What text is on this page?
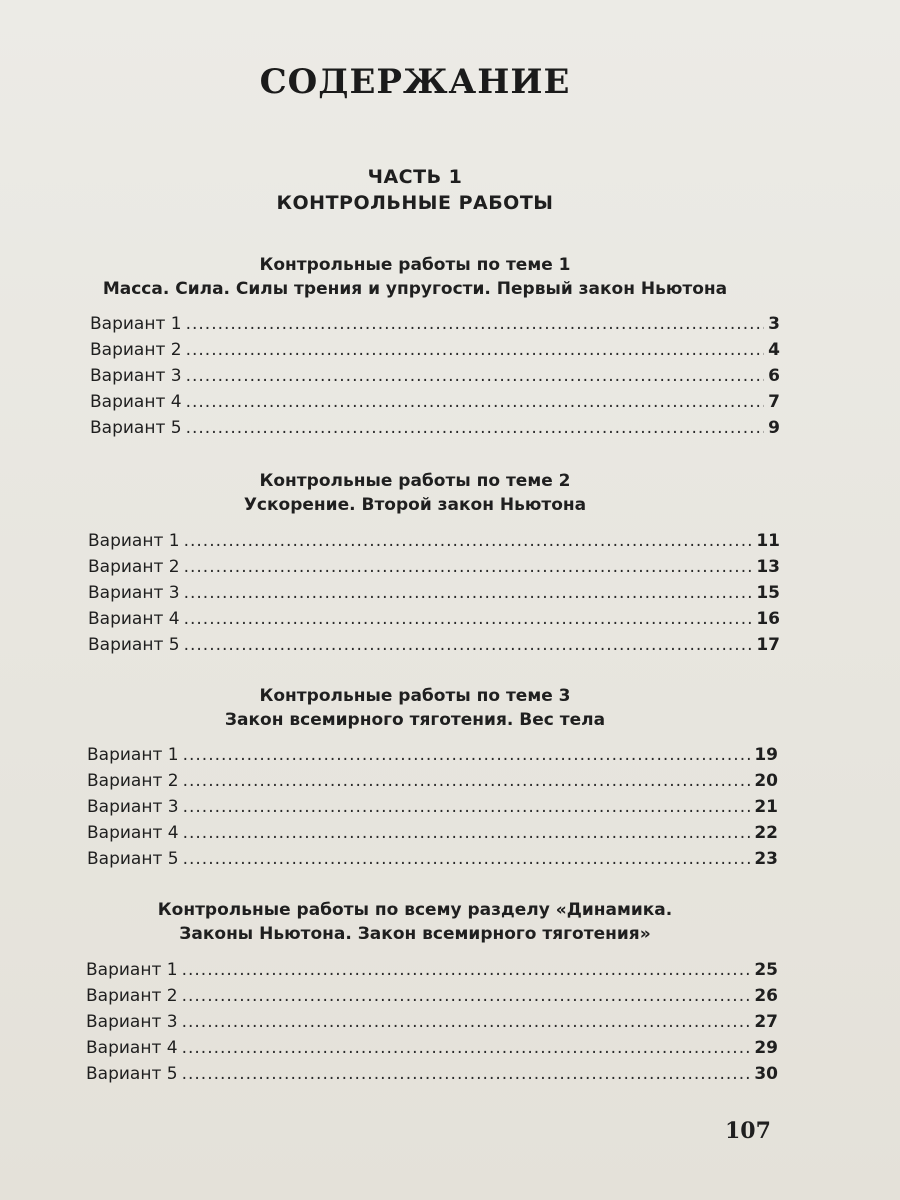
СОДЕРЖАНИЕ
ЧАСТЬ 1
КОНТРОЛЬНЫЕ РАБОТЫ
Контрольные работы по теме 1
Масса. Сила. Силы трения и упругости. Первый закон Ньютона
Вариант 1 .....	3
Вариант 2 .....	4
Вариант 3 .....	6
Вариант 4 .....	7
Вариант 5 .....	9
Контрольные работы по теме 2
Ускорение. Второй закон Ньютона
Вариант 1 .....	11
Вариант 2 .....	13
Вариант 3 .....	15
Вариант 4 .....	16
Вариант 5 .....	17
Контрольные работы по теме 3
Закон всемирного тяготения. Вес тела
Вариант 1 .....	19
Вариант 2 .....	20
Вариант 3 .....	21
Вариант 4 .....	22
Вариант 5 .....	23
Контрольные работы по всему разделу «Динамика.
Законы Ньютона. Закон всемирного тяготения»
Вариант 1 .....	25
Вариант 2 .....	26
Вариант 3 .....	27
Вариант 4 .....	29
Вариант 5 .....	30
107
